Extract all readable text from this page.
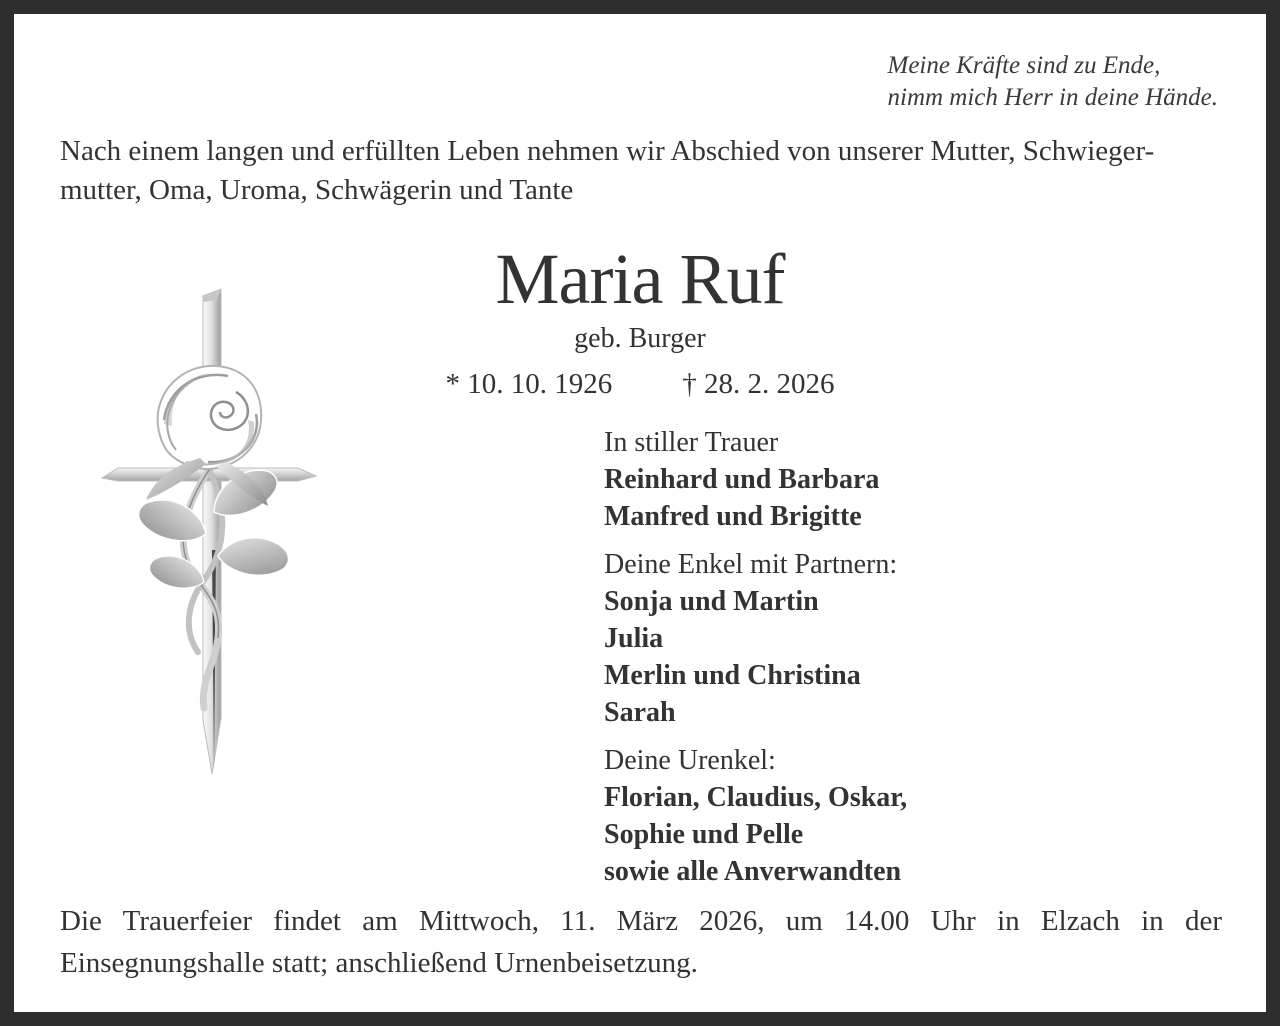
Meine Kräfte sind zu Ende,
nimm mich Herr in deine Hände.
Nach einem langen und erfüllten Leben nehmen wir Abschied von unserer Mutter, Schwieger-
mutter, Oma, Uroma, Schwägerin und Tante
Maria Ruf
geb. Burger
* 10. 10. 1926 † 28. 2. 2026
In stiller Trauer
Reinhard und Barbara
Manfred und Brigitte
Deine Enkel mit Partnern:
Sonja und Martin
Julia
Merlin und Christina
Sarah
Deine Urenkel:
Florian, Claudius, Oskar,
Sophie und Pelle
sowie alle Anverwandten
Die Trauerfeier findet am Mittwoch, 11. März 2026, um 14.00 Uhr in Elzach in der
Einsegnungshalle statt; anschließend Urnenbeisetzung.
